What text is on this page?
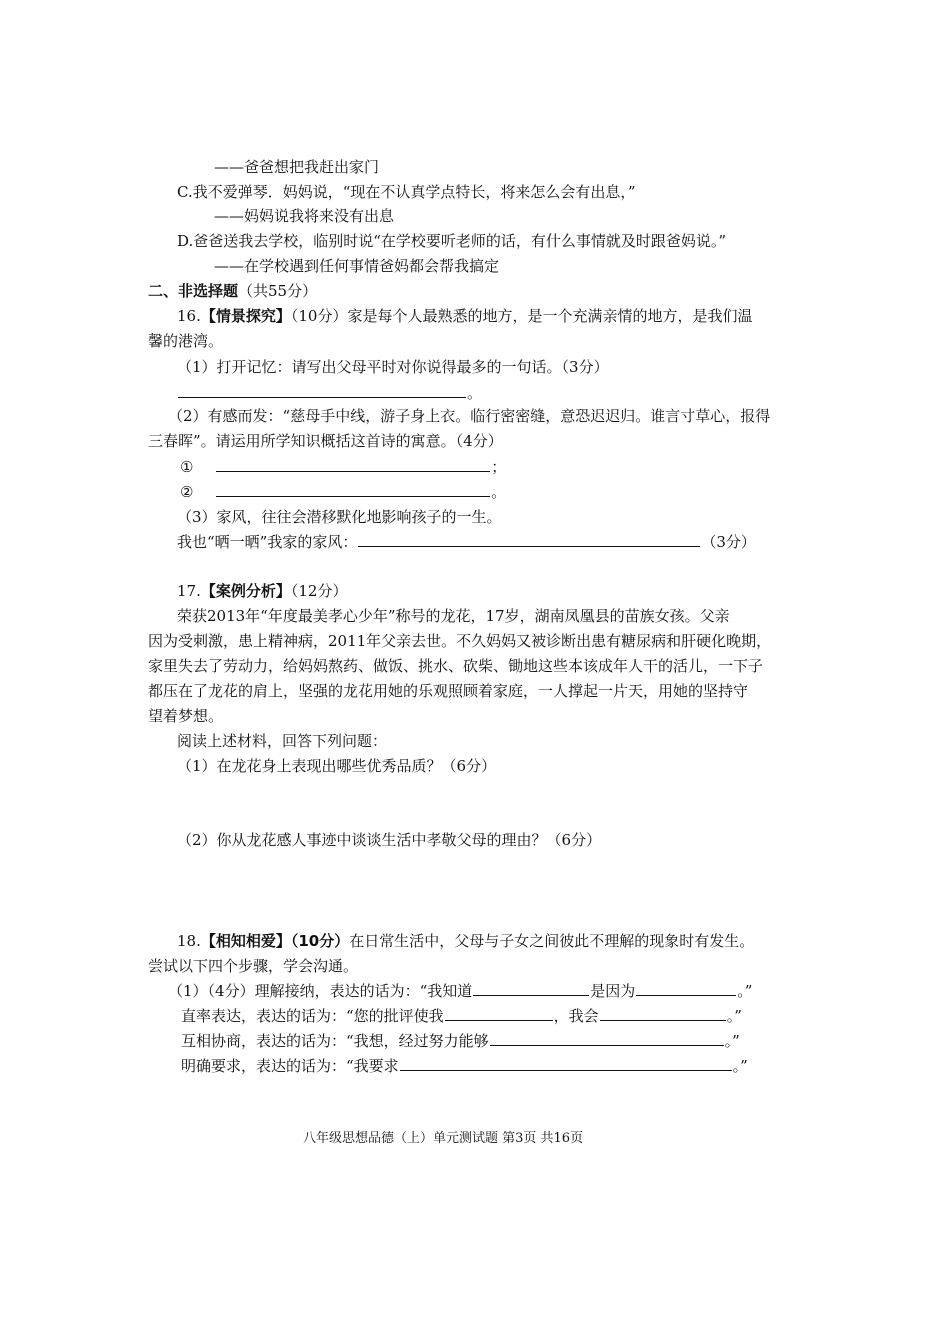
——爸爸想把我赶出家门
C.我不爱弹琴．妈妈说，“现在不认真学点特长，将来怎么会有出息，”
——妈妈说我将来没有出息
D.爸爸送我去学校，临别时说“在学校要听老师的话，有什么事情就及时跟爸妈说。”
——在学校遇到任何事情爸妈都会帮我搞定
二、非选择题（共55分）
16.【情景探究】（10分）家是每个人最熟悉的地方，是一个充满亲情的地方，是我们温
馨的港湾。
（1）打开记忆：请写出父母平时对你说得最多的一句话。（3分）
。
（2）有感而发：“慈母手中线，游子身上衣。临行密密缝，意恐迟迟归。谁言寸草心，报得
三春晖”。请运用所学知识概括这首诗的寓意。（4分）
①	；
②	。
（3）家风，往往会潜移默化地影响孩子的一生。
我也“晒一晒”我家的家风：	（3分）
17.【案例分析】（12分）
荣获2013年“年度最美孝心少年”称号的龙花，17岁，湖南凤凰县的苗族女孩。父亲
因为受刺激，患上精神病，2011年父亲去世。不久妈妈又被诊断出患有糖尿病和肝硬化晚期，
家里失去了劳动力，给妈妈熬药、做饭、挑水、砍柴、锄地这些本该成年人干的活儿，一下子
都压在了龙花的肩上，坚强的龙花用她的乐观照顾着家庭，一人撑起一片天，用她的坚持守
望着梦想。
阅读上述材料，回答下列问题：
（1）在龙花身上表现出哪些优秀品质？（6分）
（2）你从龙花感人事迹中谈谈生活中孝敬父母的理由？（6分）
18.【相知相爱】（10分）在日常生活中，父母与子女之间彼此不理解的现象时有发生。
尝试以下四个步骤，学会沟通。
（1）（4分）理解接纳，表达的话为：“我知道	是因为	。”
直率表达，表达的话为：“您的批评使我	，我会	。”
互相协商，表达的话为：“我想，经过努力能够	。”
明确要求，表达的话为：“我要求	。”
八年级思想品德（上）单元测试题 第3页 共16页
